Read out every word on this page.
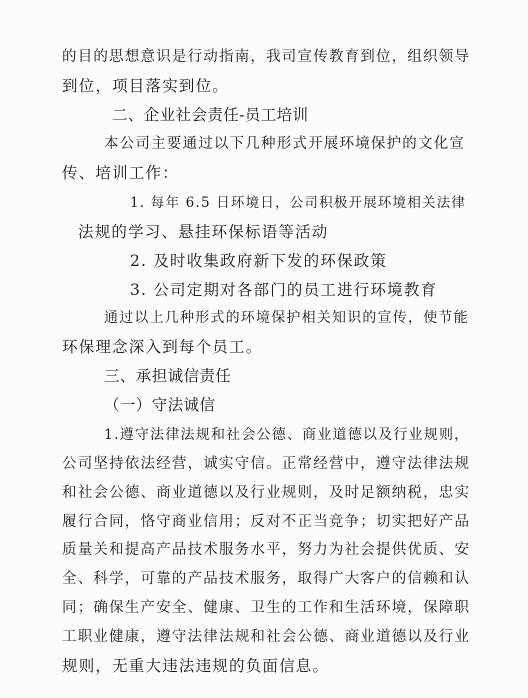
的目的思想意识是行动指南，我司宣传教育到位，组织领导
到位，项目落实到位。
二、企业社会责任-员工培训
本公司主要通过以下几种形式开展环境保护的文化宣
传、培训工作：
1. 每年 6.5 日环境日，公司积极开展环境相关法律
法规的学习、悬挂环保标语等活动
2. 及时收集政府新下发的环保政策
3. 公司定期对各部门的员工进行环境教育
通过以上几种形式的环境保护相关知识的宣传，使节能
环保理念深入到每个员工。
三、承担诚信责任
（一）守法诚信
1.遵守法律法规和社会公德、商业道德以及行业规则，
公司坚持依法经营，诚实守信。正常经营中，遵守法律法规
和社会公德、商业道德以及行业规则，及时足额纳税，忠实
履行合同，恪守商业信用；反对不正当竞争；切实把好产品
质量关和提高产品技术服务水平，努力为社会提供优质、安
全、科学，可靠的产品技术服务，取得广大客户的信赖和认
同；确保生产安全、健康、卫生的工作和生活环境，保障职
工职业健康，遵守法律法规和社会公德、商业道德以及行业
规则，无重大违法违规的负面信息。
